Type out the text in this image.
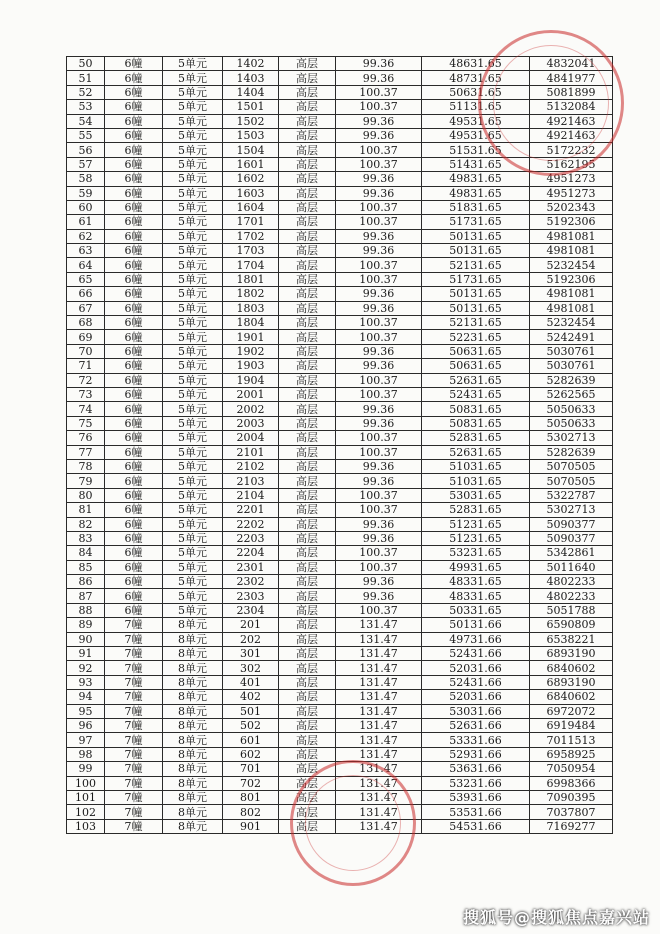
50	6幢	5单元	1402	高层	99.36	48631.65	4832041
51	6幢	5单元	1403	高层	99.36	48731.65	4841977
52	6幢	5单元	1404	高层	100.37	50631.65	5081899
53	6幢	5单元	1501	高层	100.37	51131.65	5132084
54	6幢	5单元	1502	高层	99.36	49531.65	4921463
55	6幢	5单元	1503	高层	99.36	49531.65	4921463
56	6幢	5单元	1504	高层	100.37	51531.65	5172232
57	6幢	5单元	1601	高层	100.37	51431.65	5162195
58	6幢	5单元	1602	高层	99.36	49831.65	4951273
59	6幢	5单元	1603	高层	99.36	49831.65	4951273
60	6幢	5单元	1604	高层	100.37	51831.65	5202343
61	6幢	5单元	1701	高层	100.37	51731.65	5192306
62	6幢	5单元	1702	高层	99.36	50131.65	4981081
63	6幢	5单元	1703	高层	99.36	50131.65	4981081
64	6幢	5单元	1704	高层	100.37	52131.65	5232454
65	6幢	5单元	1801	高层	100.37	51731.65	5192306
66	6幢	5单元	1802	高层	99.36	50131.65	4981081
67	6幢	5单元	1803	高层	99.36	50131.65	4981081
68	6幢	5单元	1804	高层	100.37	52131.65	5232454
69	6幢	5单元	1901	高层	100.37	52231.65	5242491
70	6幢	5单元	1902	高层	99.36	50631.65	5030761
71	6幢	5单元	1903	高层	99.36	50631.65	5030761
72	6幢	5单元	1904	高层	100.37	52631.65	5282639
73	6幢	5单元	2001	高层	100.37	52431.65	5262565
74	6幢	5单元	2002	高层	99.36	50831.65	5050633
75	6幢	5单元	2003	高层	99.36	50831.65	5050633
76	6幢	5单元	2004	高层	100.37	52831.65	5302713
77	6幢	5单元	2101	高层	100.37	52631.65	5282639
78	6幢	5单元	2102	高层	99.36	51031.65	5070505
79	6幢	5单元	2103	高层	99.36	51031.65	5070505
80	6幢	5单元	2104	高层	100.37	53031.65	5322787
81	6幢	5单元	2201	高层	100.37	52831.65	5302713
82	6幢	5单元	2202	高层	99.36	51231.65	5090377
83	6幢	5单元	2203	高层	99.36	51231.65	5090377
84	6幢	5单元	2204	高层	100.37	53231.65	5342861
85	6幢	5单元	2301	高层	100.37	49931.65	5011640
86	6幢	5单元	2302	高层	99.36	48331.65	4802233
87	6幢	5单元	2303	高层	99.36	48331.65	4802233
88	6幢	5单元	2304	高层	100.37	50331.65	5051788
89	7幢	8单元	201	高层	131.47	50131.66	6590809
90	7幢	8单元	202	高层	131.47	49731.66	6538221
91	7幢	8单元	301	高层	131.47	52431.66	6893190
92	7幢	8单元	302	高层	131.47	52031.66	6840602
93	7幢	8单元	401	高层	131.47	52431.66	6893190
94	7幢	8单元	402	高层	131.47	52031.66	6840602
95	7幢	8单元	501	高层	131.47	53031.66	6972072
96	7幢	8单元	502	高层	131.47	52631.66	6919484
97	7幢	8单元	601	高层	131.47	53331.66	7011513
98	7幢	8单元	602	高层	131.47	52931.66	6958925
99	7幢	8单元	701	高层	131.47	53631.66	7050954
100	7幢	8单元	702	高层	131.47	53231.66	6998366
101	7幢	8单元	801	高层	131.47	53931.66	7090395
102	7幢	8单元	802	高层	131.47	53531.66	7037807
103	7幢	8单元	901	高层	131.47	54531.66	7169277
搜狐号@搜狐焦点嘉兴站
